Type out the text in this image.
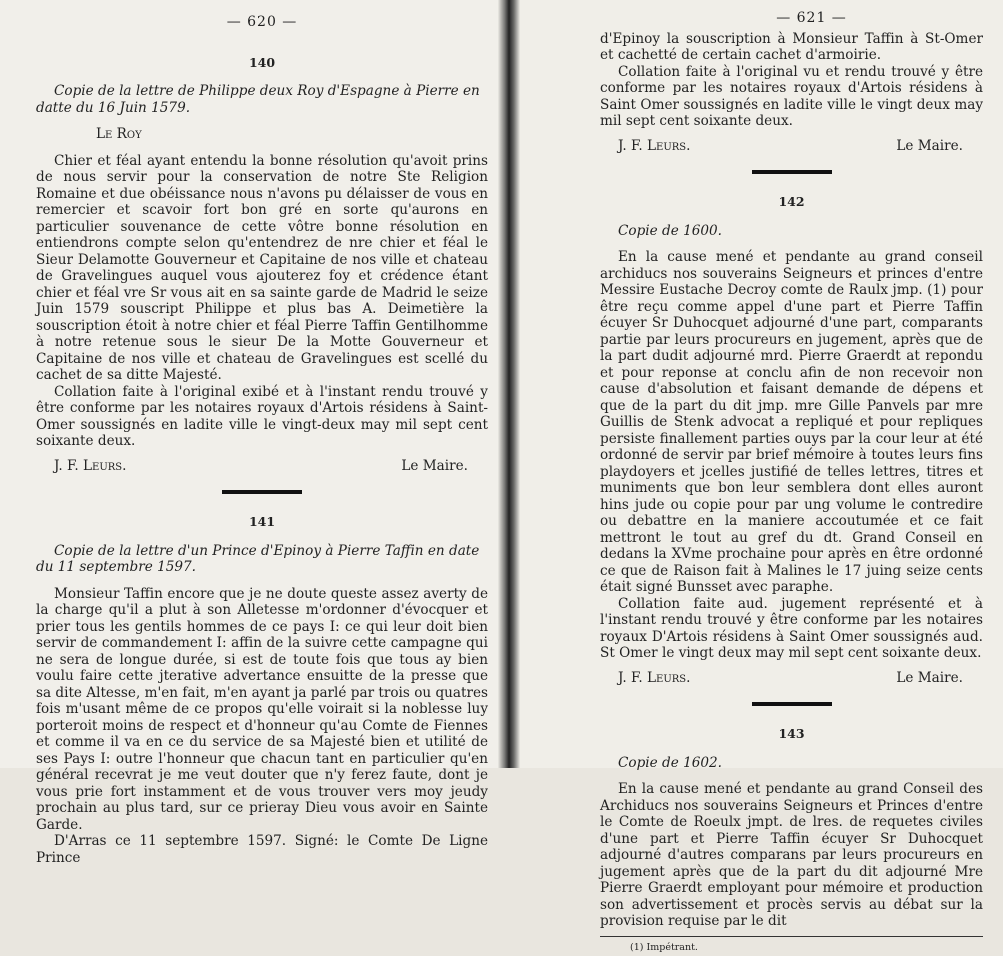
— 620 —
140

Copie de la lettre de Philippe deux Roy d'Espagne à Pierre en datte du 16 Juin 1579.

Le Roy

Chier et féal ayant entendu la bonne résolution qu'avoit prins de nous servir pour la conservation de notre Ste Religion Romaine et due obéissance nous n'avons pu délaisser de vous en remercier et scavoir fort bon gré en sorte qu'aurons en particulier souvenance de cette vôtre bonne résolution en entiendrons compte selon qu'entendrez de nre chier et féal le Sieur Delamotte Gouverneur et Capitaine de nos ville et chateau de Gravelingues auquel vous ajouterez foy et crédence étant chier et féal vre Sr vous ait en sa sainte garde de Madrid le seize Juin 1579 souscript Philippe et plus bas A. Deimetière la souscription étoit à notre chier et féal Pierre Taffin Gentilhomme à notre retenue sous le sieur De la Motte Gouverneur et Capitaine de nos ville et chateau de Gravelingues est scellé du cachet de sa ditte Majesté.

Collation faite à l'original exibé et à l'instant rendu trouvé y être conforme par les notaires royaux d'Artois résidens à Saint-Omer soussignés en ladite ville le vingt-deux may mil sept cent soixante deux.

J. F. Leurs.	Le Maire.
141

Copie de la lettre d'un Prince d'Epinoy à Pierre Taffin en date du 11 septembre 1597.

Monsieur Taffin encore que je ne doute queste assez averty de la charge qu'il a plut à son Alletesse m'ordonner d'évocquer et prier tous les gentils hommes de ce pays I: ce qui leur doit bien servir de commandement I: affin de la suivre cette campagne qui ne sera de longue durée, si est de toute fois que tous ay bien voulu faire cette jterative advertance ensuitte de la presse que sa dite Altesse, m'en fait, m'en ayant ja parlé par trois ou quatres fois m'usant même de ce propos qu'elle voirait si la noblesse luy porteroit moins de respect et d'honneur qu'au Comte de Fiennes et comme il va en ce du service de sa Majesté bien et utilité de ses Pays I: outre l'honneur que chacun tant en particulier qu'en général recevrat je me veut douter que n'y ferez faute, dont je vous prie fort instamment et de vous trouver vers moy jeudy prochain au plus tard, sur ce prieray Dieu vous avoir en Sainte Garde.

D'Arras ce 11 septembre 1597. Signé: le Comte De Ligne Prince

— 621 —

d'Epinoy la souscription à Monsieur Taffin à St-Omer et cachetté de certain cachet d'armoirie.

Collation faite à l'original vu et rendu trouvé y être conforme par les notaires royaux d'Artois résidens à Saint Omer soussignés en ladite ville le vingt deux may mil sept cent soixante deux.

J. F. Leurs.	Le Maire.
142

Copie de 1600.

En la cause mené et pendante au grand conseil archiducs nos souverains Seigneurs et princes d'entre Messire Eustache Decroy comte de Raulx jmp. (1) pour être reçu comme appel d'une part et Pierre Taffin écuyer Sr Duhocquet adjourné d'une part, comparants partie par leurs procureurs en jugement, après que de la part dudit adjourné mrd. Pierre Graerdt at repondu et pour reponse at conclu afin de non recevoir non cause d'absolution et faisant demande de dépens et que de la part du dit jmp. mre Gille Panvels par mre Guillis de Stenk advocat a repliqué et pour repliques persiste finallement parties ouys par la cour leur at été ordonné de servir par brief mémoire à toutes leurs fins playdoyers et jcelles justifié de telles lettres, titres et muniments que bon leur semblera dont elles auront hins jude ou copie pour par ung volume le contredire ou debattre en la maniere accoutumée et ce fait mettront le tout au gref du dt. Grand Conseil en dedans la XVme prochaine pour après en être ordonné ce que de Raison fait à Malines le 17 juing seize cents était signé Bunsset avec paraphe.

Collation faite aud. jugement représenté et à l'instant rendu trouvé y être conforme par les notaires royaux D'Artois résidens à Saint Omer soussignés aud. St Omer le vingt deux may mil sept cent soixante deux.

J. F. Leurs.	Le Maire.
143

Copie de 1602.

En la cause mené et pendante au grand Conseil des Archiducs nos souverains Seigneurs et Princes d'entre le Comte de Roeulx jmpt. de lres. de requetes civiles d'une part et Pierre Taffin écuyer Sr Duhocquet adjourné d'autres comparans par leurs procureurs en jugement après que de la part du dit adjourné Mre Pierre Graerdt employant pour mémoire et production son advertissement et procès servis au débat sur la provision requise par le dit

(1) Impétrant.
